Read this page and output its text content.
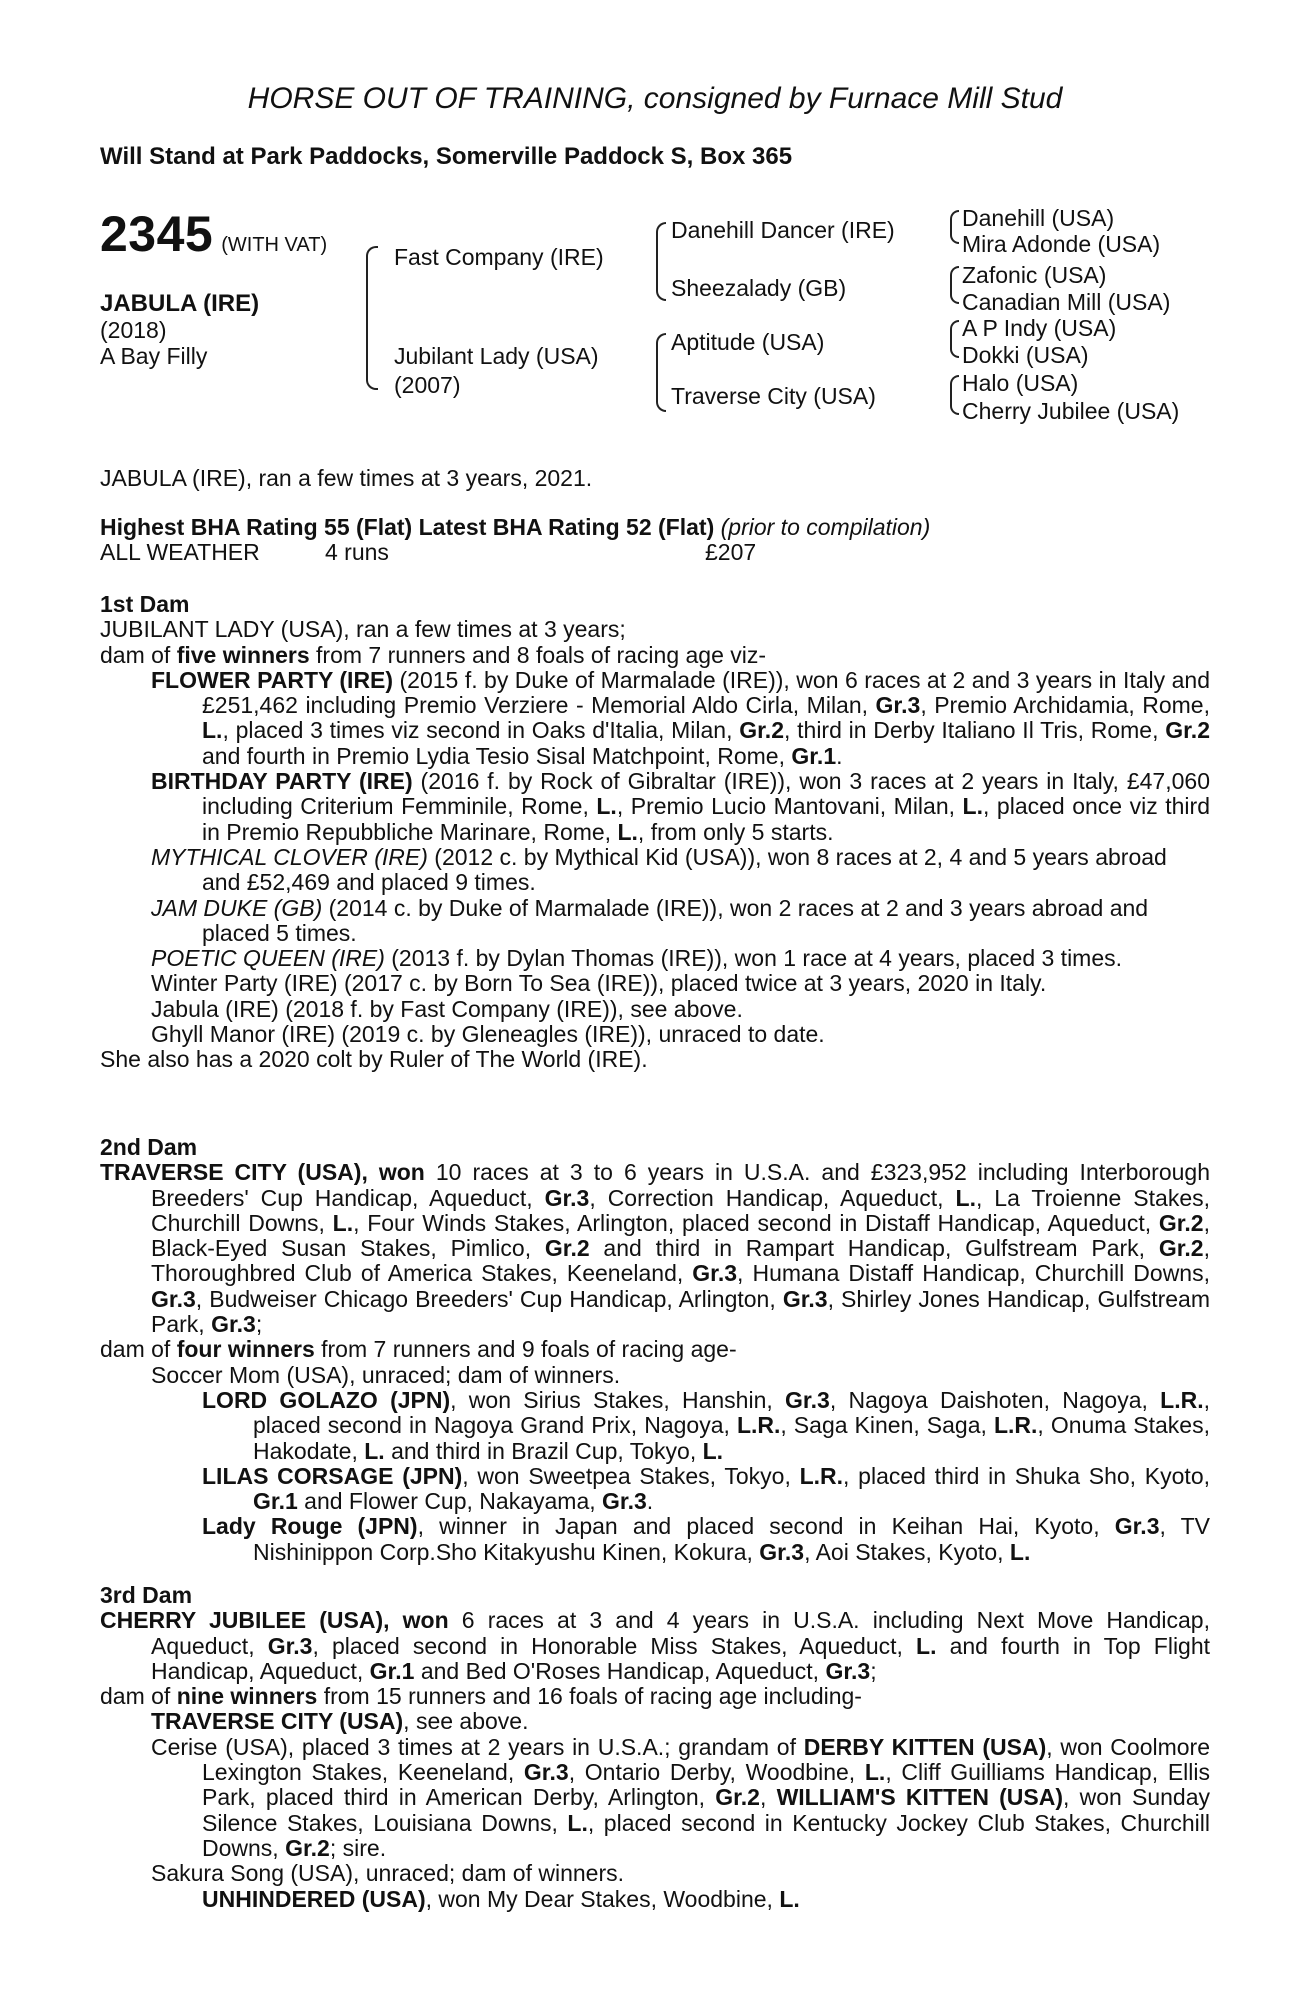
HORSE OUT OF TRAINING, consigned by Furnace Mill Stud
Will Stand at Park Paddocks, Somerville Paddock S, Box 365
2345 (WITH VAT)
JABULA (IRE)
(2018)
A Bay Filly
Fast Company (IRE)
Jubilant Lady (USA)
(2007)
Danehill Dancer (IRE)
Sheezalady (GB)
Aptitude (USA)
Traverse City (USA)
Danehill (USA)
Mira Adonde (USA)
Zafonic (USA)
Canadian Mill (USA)
A P Indy (USA)
Dokki (USA)
Halo (USA)
Cherry Jubilee (USA)
JABULA (IRE), ran a few times at 3 years, 2021.
Highest BHA Rating 55 (Flat) Latest BHA Rating 52 (Flat) (prior to compilation)
ALL WEATHER	4 runs	£207
1st Dam
JUBILANT LADY (USA), ran a few times at 3 years;
dam of five winners from 7 runners and 8 foals of racing age viz-
FLOWER PARTY (IRE) (2015 f. by Duke of Marmalade (IRE)), won 6 races at 2 and 3 years in Italy and £251,462 including Premio Verziere - Memorial Aldo Cirla, Milan, Gr.3, Premio Archidamia, Rome, L., placed 3 times viz second in Oaks d'Italia, Milan, Gr.2, third in Derby Italiano Il Tris, Rome, Gr.2 and fourth in Premio Lydia Tesio Sisal Matchpoint, Rome, Gr.1.
BIRTHDAY PARTY (IRE) (2016 f. by Rock of Gibraltar (IRE)), won 3 races at 2 years in Italy, £47,060 including Criterium Femminile, Rome, L., Premio Lucio Mantovani, Milan, L., placed once viz third in Premio Repubbliche Marinare, Rome, L., from only 5 starts.
MYTHICAL CLOVER (IRE) (2012 c. by Mythical Kid (USA)), won 8 races at 2, 4 and 5 years abroad and £52,469 and placed 9 times.
JAM DUKE (GB) (2014 c. by Duke of Marmalade (IRE)), won 2 races at 2 and 3 years abroad and placed 5 times.
POETIC QUEEN (IRE) (2013 f. by Dylan Thomas (IRE)), won 1 race at 4 years, placed 3 times.
Winter Party (IRE) (2017 c. by Born To Sea (IRE)), placed twice at 3 years, 2020 in Italy.
Jabula (IRE) (2018 f. by Fast Company (IRE)), see above.
Ghyll Manor (IRE) (2019 c. by Gleneagles (IRE)), unraced to date.
She also has a 2020 colt by Ruler of The World (IRE).
2nd Dam
TRAVERSE CITY (USA), won 10 races at 3 to 6 years in U.S.A. and £323,952 including Interborough Breeders' Cup Handicap, Aqueduct, Gr.3, Correction Handicap, Aqueduct, L., La Troienne Stakes, Churchill Downs, L., Four Winds Stakes, Arlington, placed second in Distaff Handicap, Aqueduct, Gr.2, Black-Eyed Susan Stakes, Pimlico, Gr.2 and third in Rampart Handicap, Gulfstream Park, Gr.2, Thoroughbred Club of America Stakes, Keeneland, Gr.3, Humana Distaff Handicap, Churchill Downs, Gr.3, Budweiser Chicago Breeders' Cup Handicap, Arlington, Gr.3, Shirley Jones Handicap, Gulfstream Park, Gr.3;
dam of four winners from 7 runners and 9 foals of racing age-
Soccer Mom (USA), unraced; dam of winners.
LORD GOLAZO (JPN), won Sirius Stakes, Hanshin, Gr.3, Nagoya Daishoten, Nagoya, L.R., placed second in Nagoya Grand Prix, Nagoya, L.R., Saga Kinen, Saga, L.R., Onuma Stakes, Hakodate, L. and third in Brazil Cup, Tokyo, L.
LILAS CORSAGE (JPN), won Sweetpea Stakes, Tokyo, L.R., placed third in Shuka Sho, Kyoto, Gr.1 and Flower Cup, Nakayama, Gr.3.
Lady Rouge (JPN), winner in Japan and placed second in Keihan Hai, Kyoto, Gr.3, TV Nishinippon Corp.Sho Kitakyushu Kinen, Kokura, Gr.3, Aoi Stakes, Kyoto, L.
3rd Dam
CHERRY JUBILEE (USA), won 6 races at 3 and 4 years in U.S.A. including Next Move Handicap, Aqueduct, Gr.3, placed second in Honorable Miss Stakes, Aqueduct, L. and fourth in Top Flight Handicap, Aqueduct, Gr.1 and Bed O'Roses Handicap, Aqueduct, Gr.3;
dam of nine winners from 15 runners and 16 foals of racing age including-
TRAVERSE CITY (USA), see above.
Cerise (USA), placed 3 times at 2 years in U.S.A.; grandam of DERBY KITTEN (USA), won Coolmore Lexington Stakes, Keeneland, Gr.3, Ontario Derby, Woodbine, L., Cliff Guilliams Handicap, Ellis Park, placed third in American Derby, Arlington, Gr.2, WILLIAM'S KITTEN (USA), won Sunday Silence Stakes, Louisiana Downs, L., placed second in Kentucky Jockey Club Stakes, Churchill Downs, Gr.2; sire.
Sakura Song (USA), unraced; dam of winners.
UNHINDERED (USA), won My Dear Stakes, Woodbine, L.
